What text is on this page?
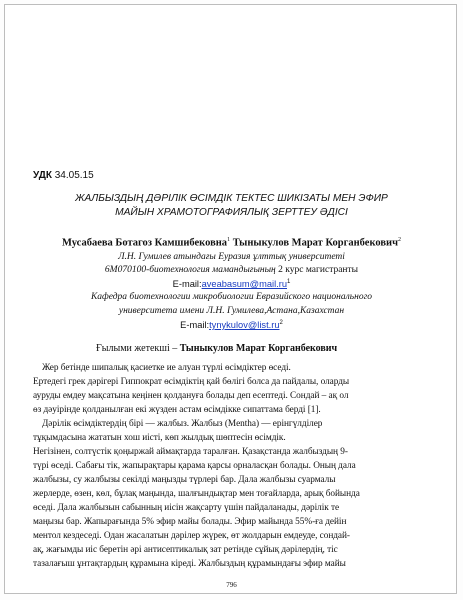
УДК 34.05.15
ЖАЛБЫЗДЫҢ ДӘРІЛІК ӨСІМДІК ТЕКТЕС ШИКІЗАТЫ МЕН ЭФИР
МАЙЫН ХРАМОТОГРАФИЯЛЫҚ ЗЕРТТЕУ ӘДІСІ
Мусабаева Ботагоз Камшибековна$^1$ Тыныкулов Марат Корганбекович$^2$
Л.Н. Гумилев атындағы Еуразия ұлттық университеті
6М070100-биотехнология мамандығының 2 курс магистранты
$E-mail:aveabasum@mail.ru^1$
Кафедра биотехнологии микробиологии Евразийского национального
университета имени Л.Н. Гумилева,Астана,Казахстан
$E-mail:tynykulov@list.ru^2$
Ғылыми жетекші – Тыныкулов Марат Корганбекович
Жер бетінде шипалық қасиетке ие алуан түрлі өсімдіктер өседі.
Ертедегі грек дәрігері Гиппократ өсімдіктің қай бөлігі болса да пайдалы, оларды
ауруды емдеу мақсатына кеңінен қолдануға болады деп есептеді. Сондай – ақ ол
өз дәуірінде қолданылған екі жүзден астам өсімдікке сипаттама берді [1].
Дәрілік өсімдіктердің бірі — жалбыз. Жалбыз (Mentha) — ерінгүлділер
тұқымдасына жататын хош иісті, көп жылдық шөптесін өсімдік.
Негізінен, солтүстік қоңыржай аймақтарда таралған. Қазақстанда жалбыздың 9-
түрі өседі. Сабағы тік, жапырақтары қарама қарсы орналасқан болады. Оның дала
жалбызы, су жалбызы секілді маңызды түрлері бар. Дала жалбызы суармалы
жерлерде, өзен, көл, бұлақ маңында, шалғындықтар мен тоғайларда, арық бойында
өседі. Дала жалбызын сабынның иісін жақсарту үшін пайдаланады, дәрілік те
маңызы бар. Жапырағында 5% эфир майы болады. Эфир майында 55%-ға дейін
ментол кездеседі. Одан жасалатын дәрілер жүрек, өт жолдарын емдеуде, сондай-
ақ, жағымды иіс беретін әрі антисептикалық зат ретінде сұйық дәрілердің, тіс
тазалағыш ұнтақтардың құрамына кіреді. Жалбыздың құрамындағы эфир майы
796
